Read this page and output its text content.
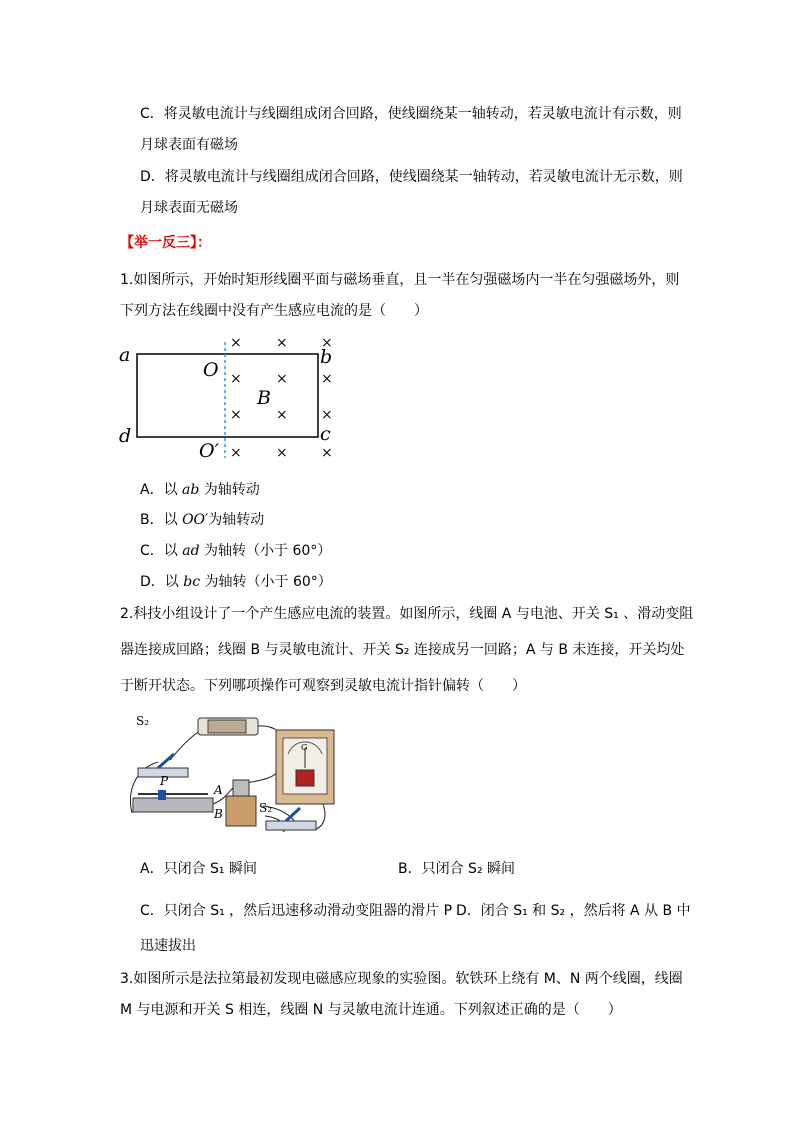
C．将灵敏电流计与线圈组成闭合回路，使线圈绕某一轴转动，若灵敏电流计有示数，则
月球表面有磁场
D．将灵敏电流计与线圈组成闭合回路，使线圈绕某一轴转动，若灵敏电流计无示数，则
月球表面无磁场
【举一反三】：
1.如图所示，开始时矩形线圈平面与磁场垂直，且一半在匀强磁场内一半在匀强磁场外，则
下列方法在线圈中没有产生感应电流的是（　　）
a	b
c
d
O
O′
B
× × ×
× × ×
× × ×
× × ×
A．以 ab 为轴转动
B．以 OO′为轴转动
C．以 ad 为轴转（小于 60°）
D．以 bc 为轴转（小于 60°）
2.科技小组设计了一个产生感应电流的装置。如图所示，线圈 A 与电池、开关 S₁ 、滑动变阻
器连接成回路；线圈 B 与灵敏电流计、开关 S₂ 连接成另一回路；A 与 B 未连接，开关均处
于断开状态。下列哪项操作可观察到灵敏电流计指针偏转（　　）
S₂
P
A
B	S₂
G
A．只闭合 S₁ 瞬间	B．只闭合 S₂ 瞬间
C．只闭合 S₁ ，然后迅速移动滑动变阻器的滑片 P D．闭合 S₁ 和 S₂ ，然后将 A 从 B 中
迅速拔出
3.如图所示是法拉第最初发现电磁感应现象的实验图。软铁环上绕有 M、N 两个线圈，线圈
M 与电源和开关 S 相连，线圈 N 与灵敏电流计连通。下列叙述正确的是（　　）
